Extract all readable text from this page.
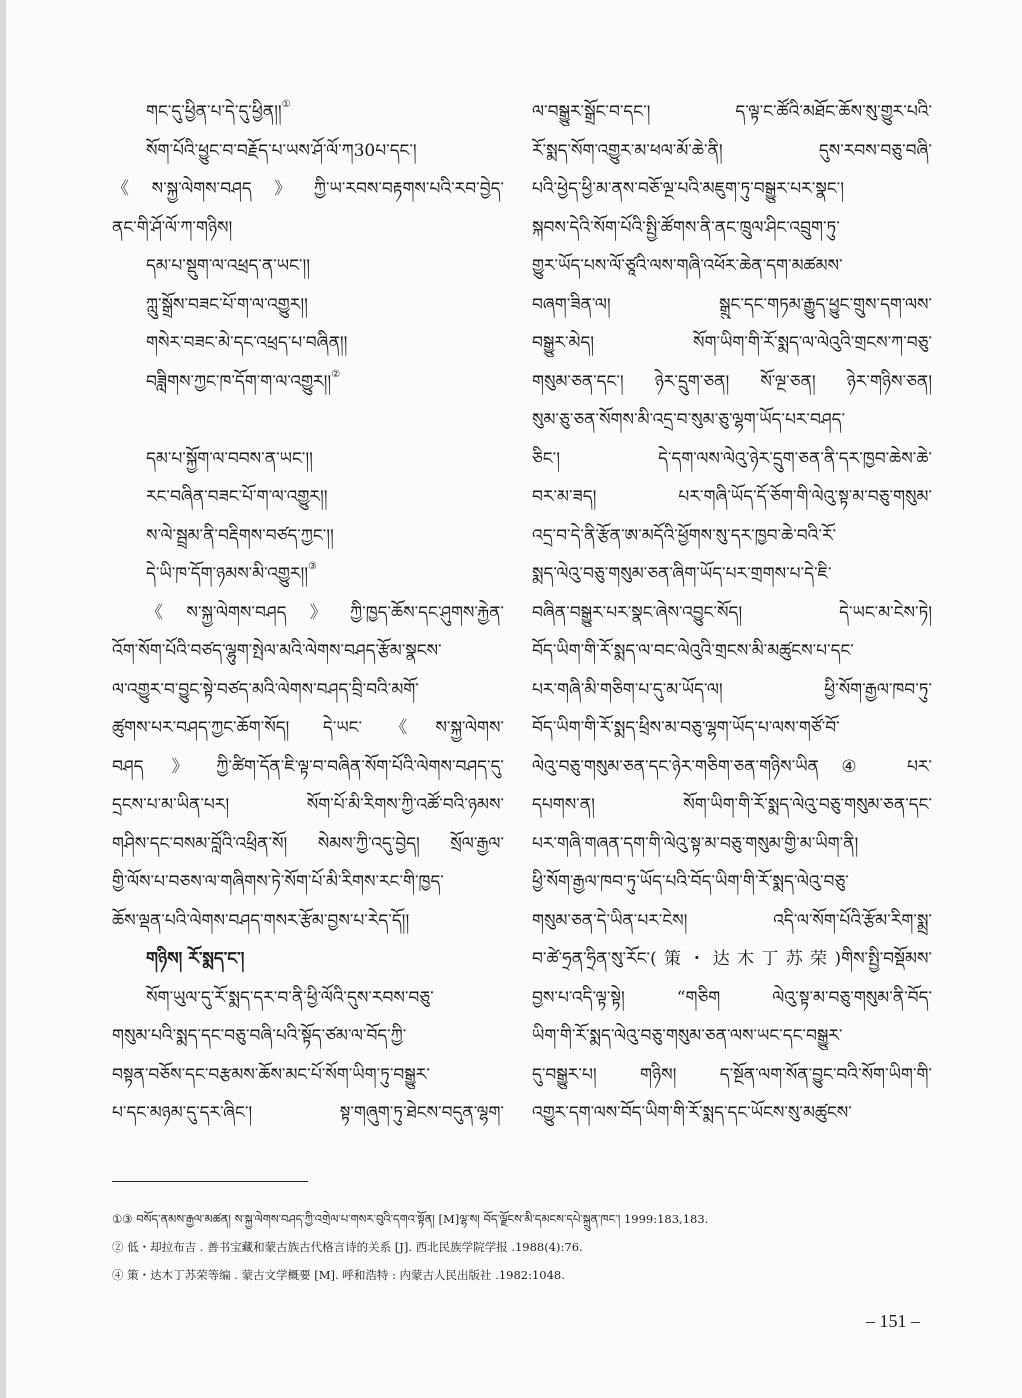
གང་དུ་ཕྱིན་པ་དེ་དུ་ཕྱིན།།①
སོག་པོའི་ཕྱུང་བ་བརྗོད་པ་ཡས་ཤོ་ལོ་ཀ30པ་དང་།
《ས་སྐྱ་ལེགས་བཤད》ཀྱི་ཡ་རབས་བརྟགས་པའི་རབ་བྱེད་
ནང་གི་ཤོ་ལོ་ཀ་གཉིས།
དམ་པ་སྡུག་ལ་འཕྲད་ན་ཡང་།།
ཀླུ་སྒྲོས་བཟང་པོ་ག་ལ་འགྱུར།།
གསེར་བཟང་མེ་དང་འཕྲད་པ་བཞིན།།
བཟླིགས་ཀྱང་ཁ་དོག་ག་ལ་འགྱུར།།②
དམ་པ་སྐྱོག་ལ་བབས་ན་ཡང་།།
རང་བཞིན་བཟང་པོ་ག་ལ་འགྱུར།།
ས་ལེ་སྦྲམ་ནི་བརྡིགས་བཙད་ཀྱང་།།
དེ་ཡི་ཁ་དོག་ཉམས་མི་འགྱུར།།③
《ས་སྐྱ་ལེགས་བཤད》ཀྱི་ཁྱད་ཆོས་དང་ཤུགས་རྐྱེན་
འོག་སོག་པོའི་བཙད་ལྷུག་སྤེལ་མའི་ལེགས་བཤད་རྩོམ་སྣངས་
ལ་འགྱུར་བ་བྱུང་སྟེ་བཙད་མའི་ལེགས་བཤད་བྲི་བའི་མགོ་
ཚུགས་པར་བཤད་ཀྱང་ཆོག་སོད། དེ་ཡང་《ས་སྐྱ་ལེགས་
བཤད》ཀྱི་ཚིག་དོན་ཇི་ལྟ་བ་བཞིན་སོག་པོའི་ལེགས་བཤད་དུ་
དྲངས་པ་མ་ཡིན་པར། སོག་པོ་མི་རིགས་ཀྱི་འཚོ་བའི་ཉམས་
གཤིས་དང་བསམ་བློའི་འཕྲིན་སོ། སེམས་ཀྱི་འདུ་བྱེད། སྲོལ་རྒྱལ་
གྱི་ལོས་པ་བཅས་ལ་གཞིགས་ཏེ་སོག་པོ་མི་རིགས་རང་གི་ཁྱད་
ཆོས་ལྡན་པའི་ལེགས་བཤད་གསར་རྩོམ་བྱས་པ་རེད་དོ།།
གཉིས། རོ་སྨད་ང་།
སོག་ཡུལ་དུ་རོ་སྨད་དར་བ་ནི་ཕྱི་ལོའི་དུས་རབས་བཅུ་
གསུམ་པའི་སྨད་དང་བཅུ་བཞི་པའི་སྟོད་ཙམ་ལ་བོད་ཀྱི་
བསྟན་བཅོས་དང་བརྩམས་ཆོས་མང་པོ་སོག་ཡིག་ཏུ་བསྒྱུར་
པ་དང་མཉམ་དུ་དར་ཞིང་། སྟ་གཞུག་ཏུ་ཐེངས་བདུན་ལྷག་
ལ་བསྒྱུར་སྒྲོང་བ་དང་། ད་ལྟ་ང་ཚོའི་མཐོང་ཆོས་སུ་གྱུར་པའི་
རོ་སྨད་སོག་འགྱུར་མ་ཕལ་མོ་ཆེ་ནི། དུས་རབས་བཅུ་བཞི་
པའི་ཕྱེད་ཕྱི་མ་ནས་བཅོ་ལྔ་པའི་མཇུག་ཏུ་བསྒྱུར་པར་སྣང་།
སྐབས་དེའི་སོག་པོའི་སྤྱི་ཚོགས་ནི་ནང་ཁྲུལ་ཤིང་འབྲུག་ཏུ་
གྱུར་ཡོད་པས་ལོ་ཙཱའི་ལས་གཞི་འཕོར་ཆེན་དག་མཚམས་
བཞག་ཟིན་ལ། སྒྲུང་དང་གཏམ་རྒྱུད་ཕྱུང་གྲུས་དག་ལས་
བསྒྱུར་མེད། སོག་ཡིག་གི་རོ་སྨད་ལ་ལེའུའི་གྲངས་ཀ་བཅུ་
གསུམ་ཅན་དང་། ཉེར་དྲུག་ཅན། སོ་ལྔ་ཅན། ཉེར་གཉིས་ཅན།
སུམ་ཅུ་ཅན་སོགས་མི་འདྲ་བ་སུམ་ཅུ་ལྷག་ཡོད་པར་བཤད་
ཅིང་། དེ་དག་ལས་ལེའུ་ཉེར་དྲུག་ཅན་ནི་དར་ཁྱབ་ཆེས་ཆེ་
བར་མ་ཟད། པར་གཞི་ཡོད་དོ་ཅོག་གི་ལེའུ་སྟ་མ་བཅུ་གསུམ་
འདྲ་བ་དེ་ནི་རྩོན་ཨ་མདོའི་ཕྱོགས་སུ་དར་ཁྱབ་ཆེ་བའི་རོ་
སྨད་ལེའུ་བཅུ་གསུམ་ཅན་ཞིག་ཡོད་པར་གྲགས་པ་དེ་ཇི་
བཞིན་བསྒྱུར་པར་སྣང་ཞེས་འབྱུང་སོད། དེ་ཡང་མ་ངེས་ཏེ།
བོད་ཡིག་གི་རོ་སྨད་ལ་བང་ལེའུའི་གྲངས་མི་མཚུངས་པ་དང་
པར་གཞི་མི་གཅིག་པ་དུ་མ་ཡོད་ལ། ཕྱི་སོག་རྒྱལ་ཁབ་ཏུ་
བོད་ཡིག་གི་རོ་སྨད་ཕྲིས་མ་བཅུ་ལྷག་ཡོད་པ་ལས་གཙོ་བོ་
ལེའུ་བཅུ་གསུམ་ཅན་དང་ཉེར་གཅིག་ཅན་གཉིས་ཡིན④ པར་
དཔགས་ན། སོག་ཡིག་གི་རོ་སྨད་ལེའུ་བཅུ་གསུམ་ཅན་དང་
པར་གཞི་གཞན་དག་གི་ལེའུ་སྟ་མ་བཅུ་གསུམ་གྱི་མ་ཡིག་ནི།
ཕྱི་སོག་རྒྱལ་ཁབ་ཏུ་ཡོད་པའི་བོད་ཡིག་གི་རོ་སྨད་ལེའུ་བཅུ་
གསུམ་ཅན་དེ་ཡིན་པར་ངེས། འདི་ལ་སོག་པོའི་རྩོམ་རིག་སྨྲ་
བ་ཚེ་ཧྲན་ཧྲིན་སུ་རོང་(策・达木丁苏荣)གིས་སྤྱི་བསྡོམས་
བྱས་པ་འདི་ལྟ་སྟེ། “གཅིག ལེའུ་སྟ་མ་བཅུ་གསུམ་ནི་བོད་
ཡིག་གི་རོ་སྨད་ལེའུ་བཅུ་གསུམ་ཅན་ལས་ཡང་དང་བསྒྱུར་
དུ་བསྒྱུར་པ། གཉིས། ད་སྔོན་ལག་སོན་བྱུང་བའི་སོག་ཡིག་གི་
འགྱུར་དག་ལས་བོད་ཡིག་གི་རོ་སྨད་དང་ཡོངས་སུ་མཚུངས་
①③ བསོད་ནམས་རྒྱལ་མཚན། ས་སྐྱ་ལེགས་བཤད་ཀྱི་འགྲེལ་པ་གསར་བུའི་དགའ་སྟོན། [M]ལྷ་ས། བོད་ལྗོངས་མི་དམངས་དཔེ་སྐྲུན་ཁང་། 1999:183,183.
② 低・却拉布吉 . 善书宝藏和蒙古族古代格言诗的关系 [J]. 西北民族学院学报 .1988(4):76.
④ 策・达木丁苏荣等编 . 蒙古文学概要 [M]. 呼和浩特 : 内蒙古人民出版社 .1982:1048.
– 151 –
